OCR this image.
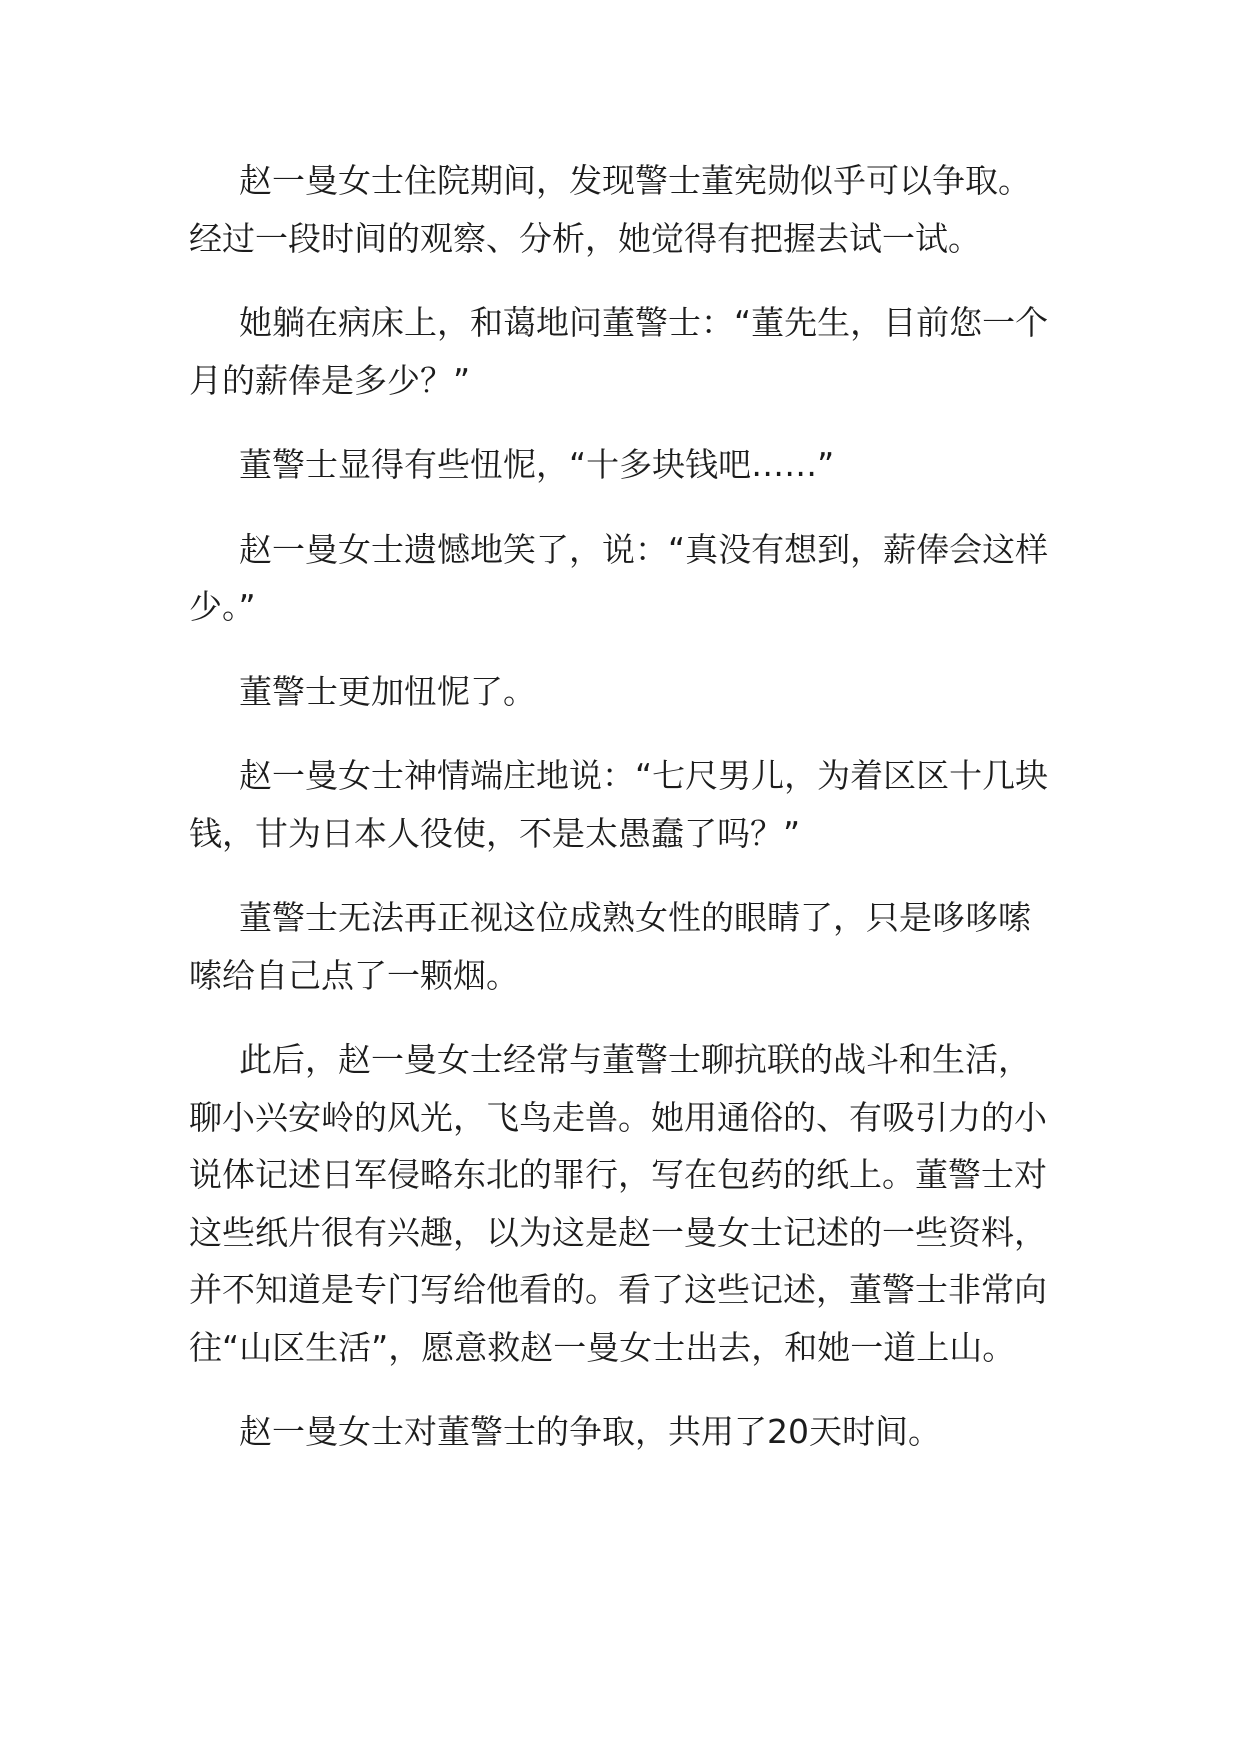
赵一曼女士住院期间，发现警士董宪勋似乎可以争取。经过一段时间的观察、分析，她觉得有把握去试一试。

她躺在病床上，和蔼地问董警士：“董先生，目前您一个月的薪俸是多少？”

董警士显得有些忸怩，“十多块钱吧……”

赵一曼女士遗憾地笑了，说：“真没有想到，薪俸会这样少。”

董警士更加忸怩了。

赵一曼女士神情端庄地说：“七尺男儿，为着区区十几块钱，甘为日本人役使，不是太愚蠢了吗？”

董警士无法再正视这位成熟女性的眼睛了，只是哆哆嗦嗦给自己点了一颗烟。

此后，赵一曼女士经常与董警士聊抗联的战斗和生活，聊小兴安岭的风光，飞鸟走兽。她用通俗的、有吸引力的小说体记述日军侵略东北的罪行，写在包药的纸上。董警士对这些纸片很有兴趣，以为这是赵一曼女士记述的一些资料，并不知道是专门写给他看的。看了这些记述，董警士非常向往“山区生活”，愿意救赵一曼女士出去，和她一道上山。

赵一曼女士对董警士的争取，共用了20天时间。
